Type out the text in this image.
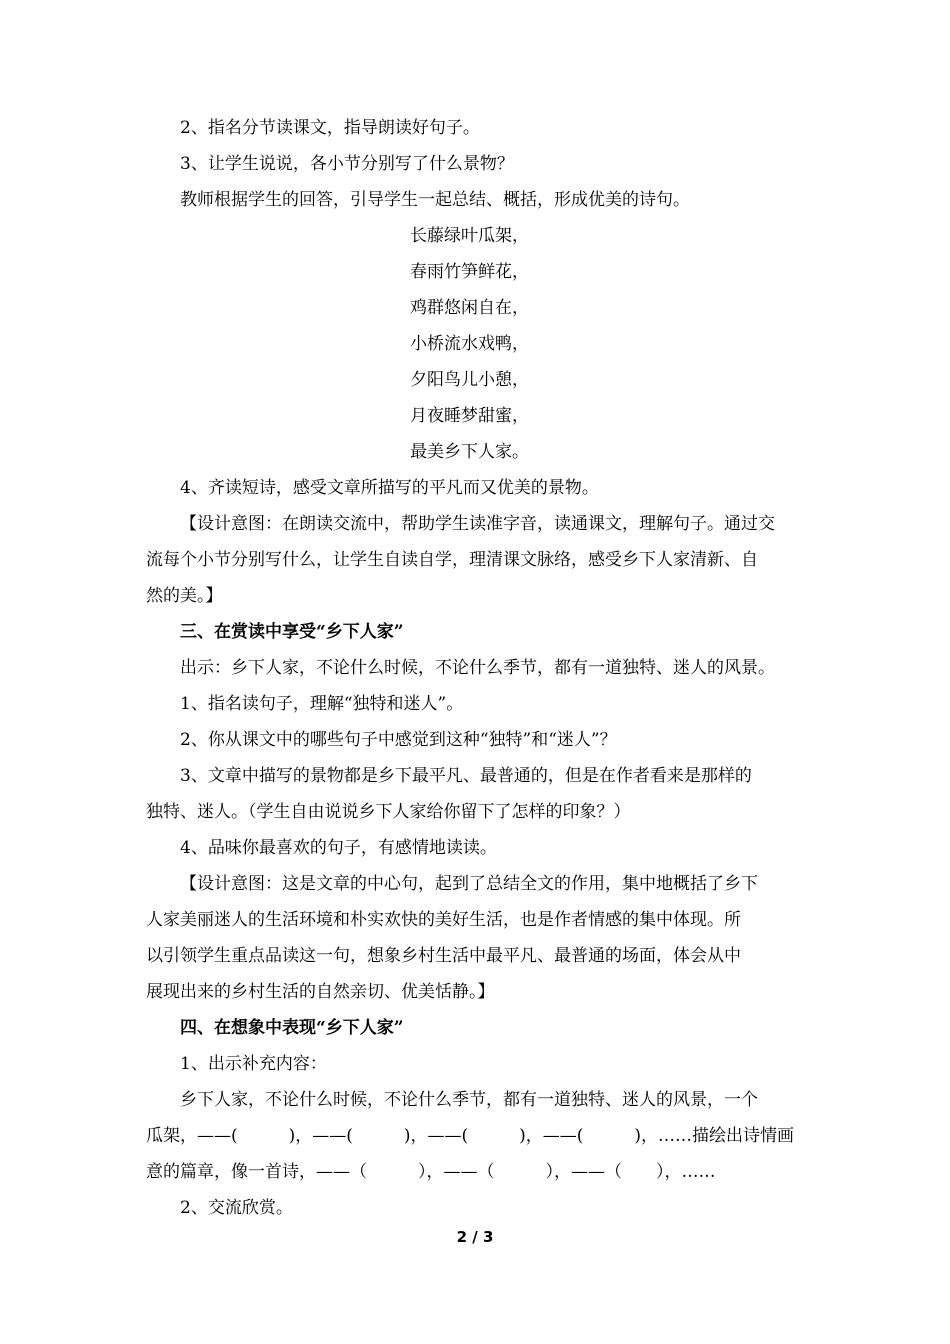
2、指名分节读课文，指导朗读好句子。

3、让学生说说，各小节分别写了什么景物？

教师根据学生的回答，引导学生一起总结、概括，形成优美的诗句。

长藤绿叶瓜架，

春雨竹笋鲜花，

鸡群悠闲自在，

小桥流水戏鸭，

夕阳鸟儿小憩，

月夜睡梦甜蜜，

最美乡下人家。

4、齐读短诗，感受文章所描写的平凡而又优美的景物。

【设计意图：在朗读交流中，帮助学生读准字音，读通课文，理解句子。通过交

流每个小节分别写什么，让学生自读自学，理清课文脉络，感受乡下人家清新、自

然的美。】

三、在赏读中享受“乡下人家”

出示：乡下人家，不论什么时候，不论什么季节，都有一道独特、迷人的风景。

1、指名读句子，理解“独特和迷人”。

2、你从课文中的哪些句子中感觉到这种“独特”和“迷人”？

3、文章中描写的景物都是乡下最平凡、最普通的，但是在作者看来是那样的

独特、迷人。（学生自由说说乡下人家给你留下了怎样的印象？）

4、品味你最喜欢的句子，有感情地读读。

【设计意图：这是文章的中心句，起到了总结全文的作用，集中地概括了乡下

人家美丽迷人的生活环境和朴实欢快的美好生活，也是作者情感的集中体现。所

以引领学生重点品读这一句，想象乡村生活中最平凡、最普通的场面，体会从中

展现出来的乡村生活的自然亲切、优美恬静。】

四、在想象中表现“乡下人家”

1、出示补充内容：

乡下人家，不论什么时候，不论什么季节，都有一道独特、迷人的风景，一个

瓜架，——(　　　)，——(　　　)，——(　　　)，——(　　　)，……描绘出诗情画

意的篇章，像一首诗，——（　　　），——（　　　），——（　　），……

2、交流欣赏。

2 / 3
